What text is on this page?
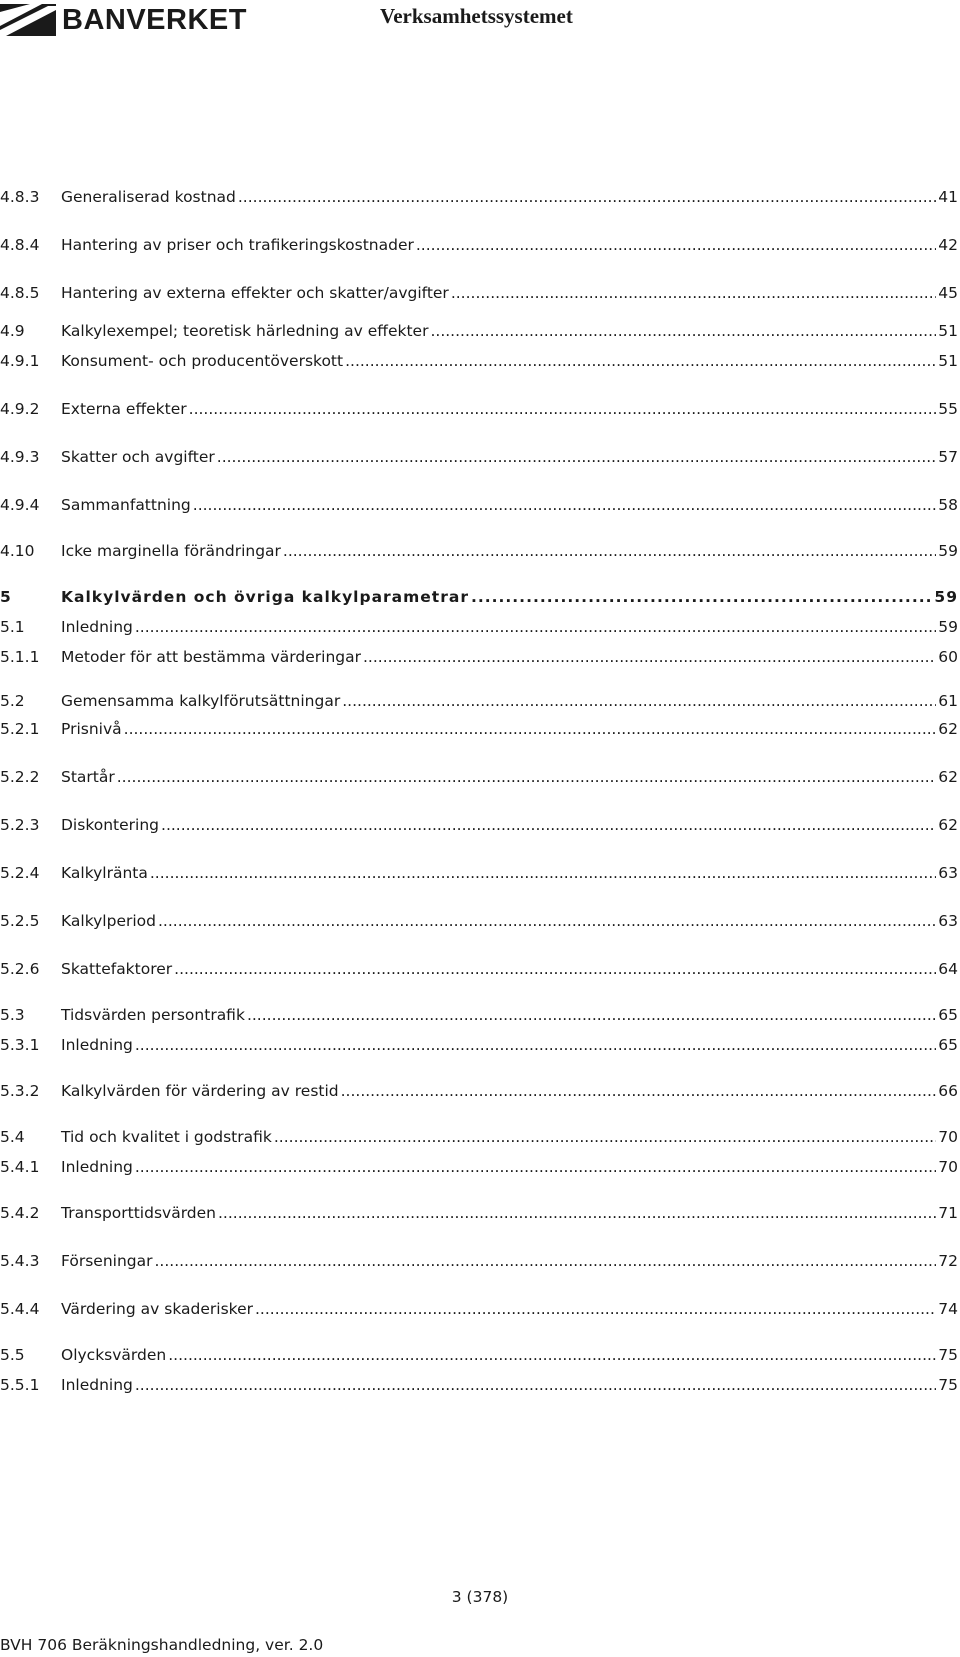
BANVERKET	Verksamhetssystemet
4.8.3	Generaliserad kostnad .....	41
4.8.4	Hantering av priser och trafikeringskostnader .....	42
4.8.5	Hantering av externa effekter och skatter/avgifter .....	45
4.9	Kalkylexempel; teoretisk härledning av effekter .....	51
4.9.1	Konsument- och producentöverskott .....	51
4.9.2	Externa effekter .....	55
4.9.3	Skatter och avgifter .....	57
4.9.4	Sammanfattning .....	58
4.10	Icke marginella förändringar .....	59
5	Kalkylvärden och övriga kalkylparametrar .....	59
5.1	Inledning .....	59
5.1.1	Metoder för att bestämma värderingar .....	60
5.2	Gemensamma kalkylförutsättningar .....	61
5.2.1	Prisnivå .....	62
5.2.2	Startår .....	62
5.2.3	Diskontering .....	62
5.2.4	Kalkylränta .....	63
5.2.5	Kalkylperiod .....	63
5.2.6	Skattefaktorer .....	64
5.3	Tidsvärden persontrafik .....	65
5.3.1	Inledning .....	65
5.3.2	Kalkylvärden för värdering av restid .....	66
5.4	Tid och kvalitet i godstrafik .....	70
5.4.1	Inledning .....	70
5.4.2	Transporttidsvärden .....	71
5.4.3	Förseningar .....	72
5.4.4	Värdering av skaderisker .....	74
5.5	Olycksvärden .....	75
5.5.1	Inledning .....	75
3 (378)
BVH 706 Beräkningshandledning, ver. 2.0
